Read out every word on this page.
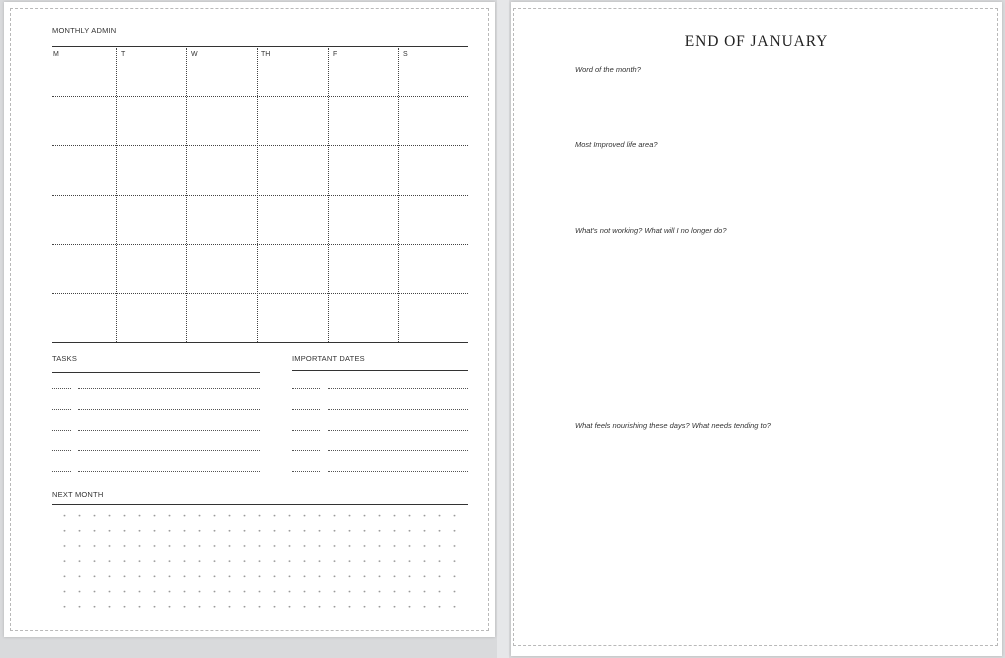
MONTHLY ADMIN
M	T	W	TH	F	S
TASKS	IMPORTANT DATES
NEXT MONTH
END OF JANUARY
Word of the month?
Most Improved life area?
What's not working? What will I no longer do?
What feels nourishing these days? What needs tending to?
